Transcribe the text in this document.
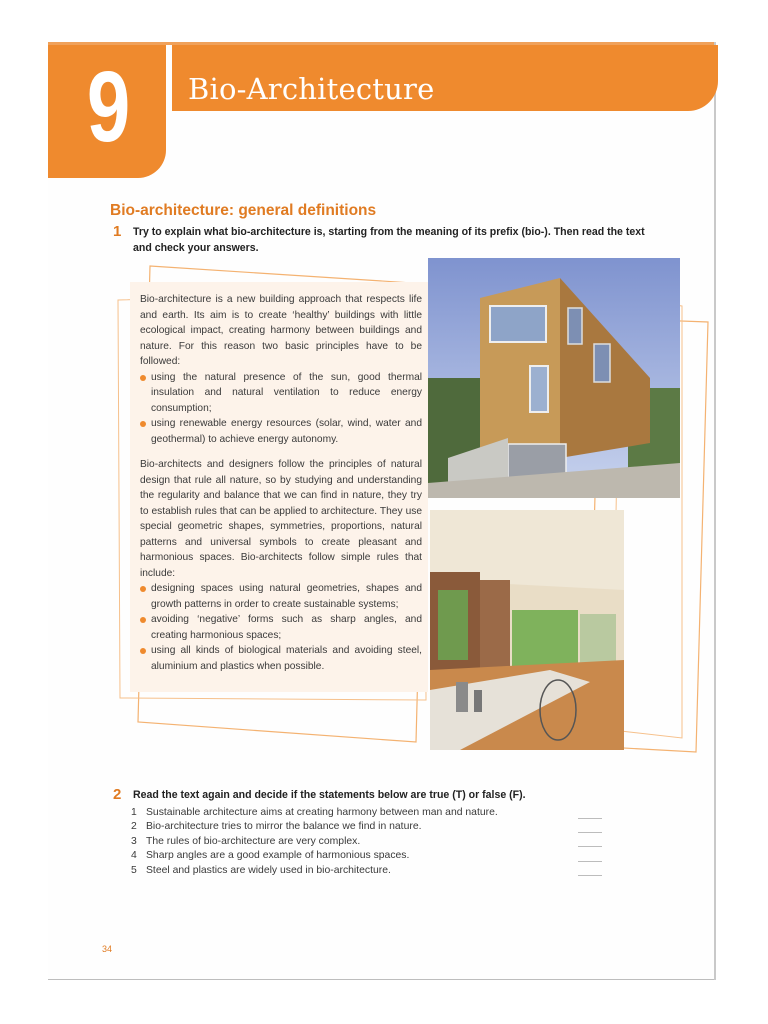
9	Bio-Architecture
Bio-architecture: general definitions
1 Try to explain what bio-architecture is, starting from the meaning of its prefix (bio-). Then read the text
and check your answers.

Bio-architecture is a new building approach that respects life and earth. Its aim is to create ‘healthy’ buildings with little ecological impact, creating harmony between buildings and nature. For this reason two basic principles have to be followed:

using the natural presence of the sun, good thermal insulation and natural ventilation to reduce energy consumption;
using renewable energy resources (solar, wind, water and geothermal) to achieve energy autonomy.

Bio-architects and designers follow the principles of natural design that rule all nature, so by studying and understanding the regularity and balance that we can find in nature, they try to establish rules that can be applied to architecture. They use special geometric shapes, symmetries, proportions, natural patterns and universal symbols to create pleasant and harmonious spaces. Bio-architects follow simple rules that include:

designing spaces using natural geometries, shapes and growth patterns in order to create sustainable systems;
avoiding ‘negative’ forms such as sharp angles, and creating harmonious spaces;
using all kinds of biological materials and avoiding steel, aluminium and plastics when possible.
2 Read the text again and decide if the statements below are true (T) or false (F).
1 Sustainable architecture aims at creating harmony between man and nature.
2 Bio-architecture tries to mirror the balance we find in nature.
3 The rules of bio-architecture are very complex.
4 Sharp angles are a good example of harmonious spaces.
5 Steel and plastics are widely used in bio-architecture.
34
